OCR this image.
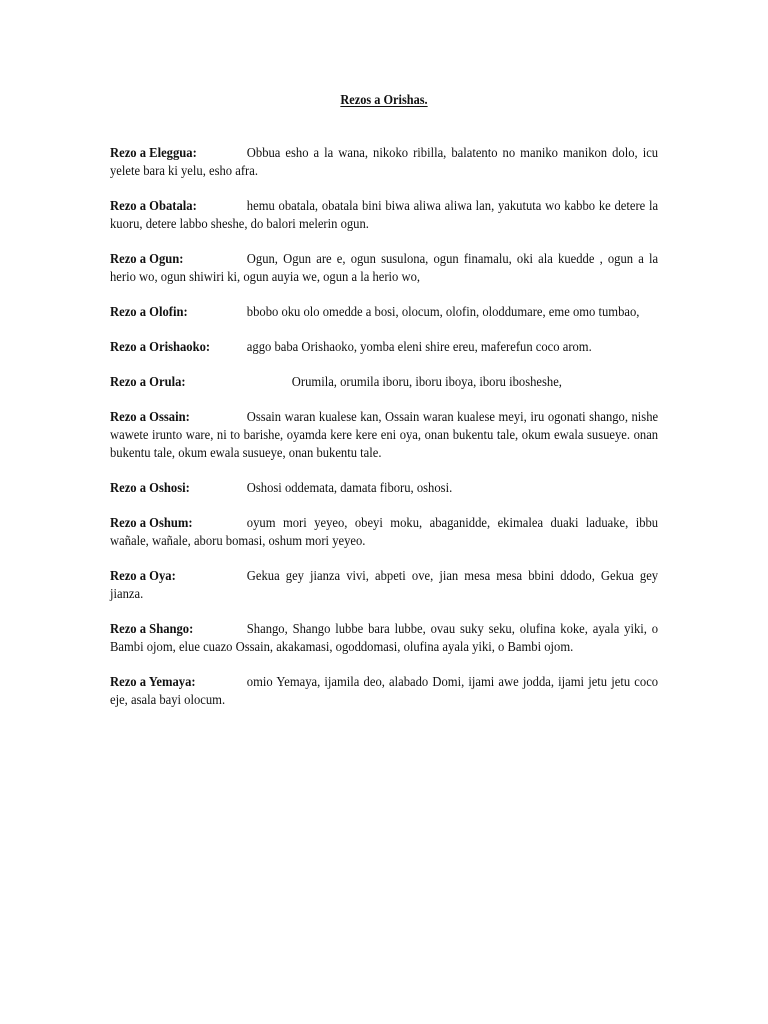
Rezos a Orishas.

Rezo a Eleggua:	Obbua esho a la wana, nikoko ribilla, balatento no maniko manikon dolo, icu yelete bara ki yelu, esho afra.

Rezo a Obatala:	hemu obatala, obatala bini biwa aliwa aliwa lan, yakututa wo kabbo ke detere la kuoru, detere labbo sheshe, do balori melerin ogun.

Rezo a Ogun:	Ogun, Ogun are e, ogun susulona, ogun finamalu, oki ala kuedde , ogun a la herio wo, ogun shiwiri ki, ogun auyia we, ogun a la herio wo,

Rezo a Olofin:	bbobo oku olo omedde a bosi, olocum, olofin, oloddumare, eme omo tumbao,

Rezo a Orishaoko:	aggo baba Orishaoko, yomba eleni shire ereu, maferefun coco arom.

Rezo a Orula:	Orumila, orumila iboru, iboru iboya, iboru ibosheshe,

Rezo a Ossain:	Ossain waran kualese kan, Ossain waran kualese meyi, iru ogonati shango, nishe wawete irunto ware, ni to barishe, oyamda kere kere eni oya, onan bukentu tale, okum ewala susueye. onan bukentu tale, okum ewala susueye, onan bukentu tale.

Rezo a Oshosi:	Oshosi oddemata, damata fiboru, oshosi.

Rezo a Oshum:	oyum mori yeyeo, obeyi moku, abaganidde, ekimalea duaki laduake, ibbu wañale, wañale, aboru bomasi, oshum mori yeyeo.

Rezo a Oya:	Gekua gey jianza vivi, abpeti ove, jian mesa mesa bbini ddodo, Gekua gey jianza.

Rezo a Shango:	Shango, Shango lubbe bara lubbe, ovau suky seku, olufina koke, ayala yiki, o Bambi ojom, elue cuazo Ossain, akakamasi, ogoddomasi, olufina ayala yiki, o Bambi ojom.

Rezo a Yemaya:	omio Yemaya, ijamila deo, alabado Domi, ijami awe jodda, ijami jetu jetu coco eje, asala bayi olocum.
